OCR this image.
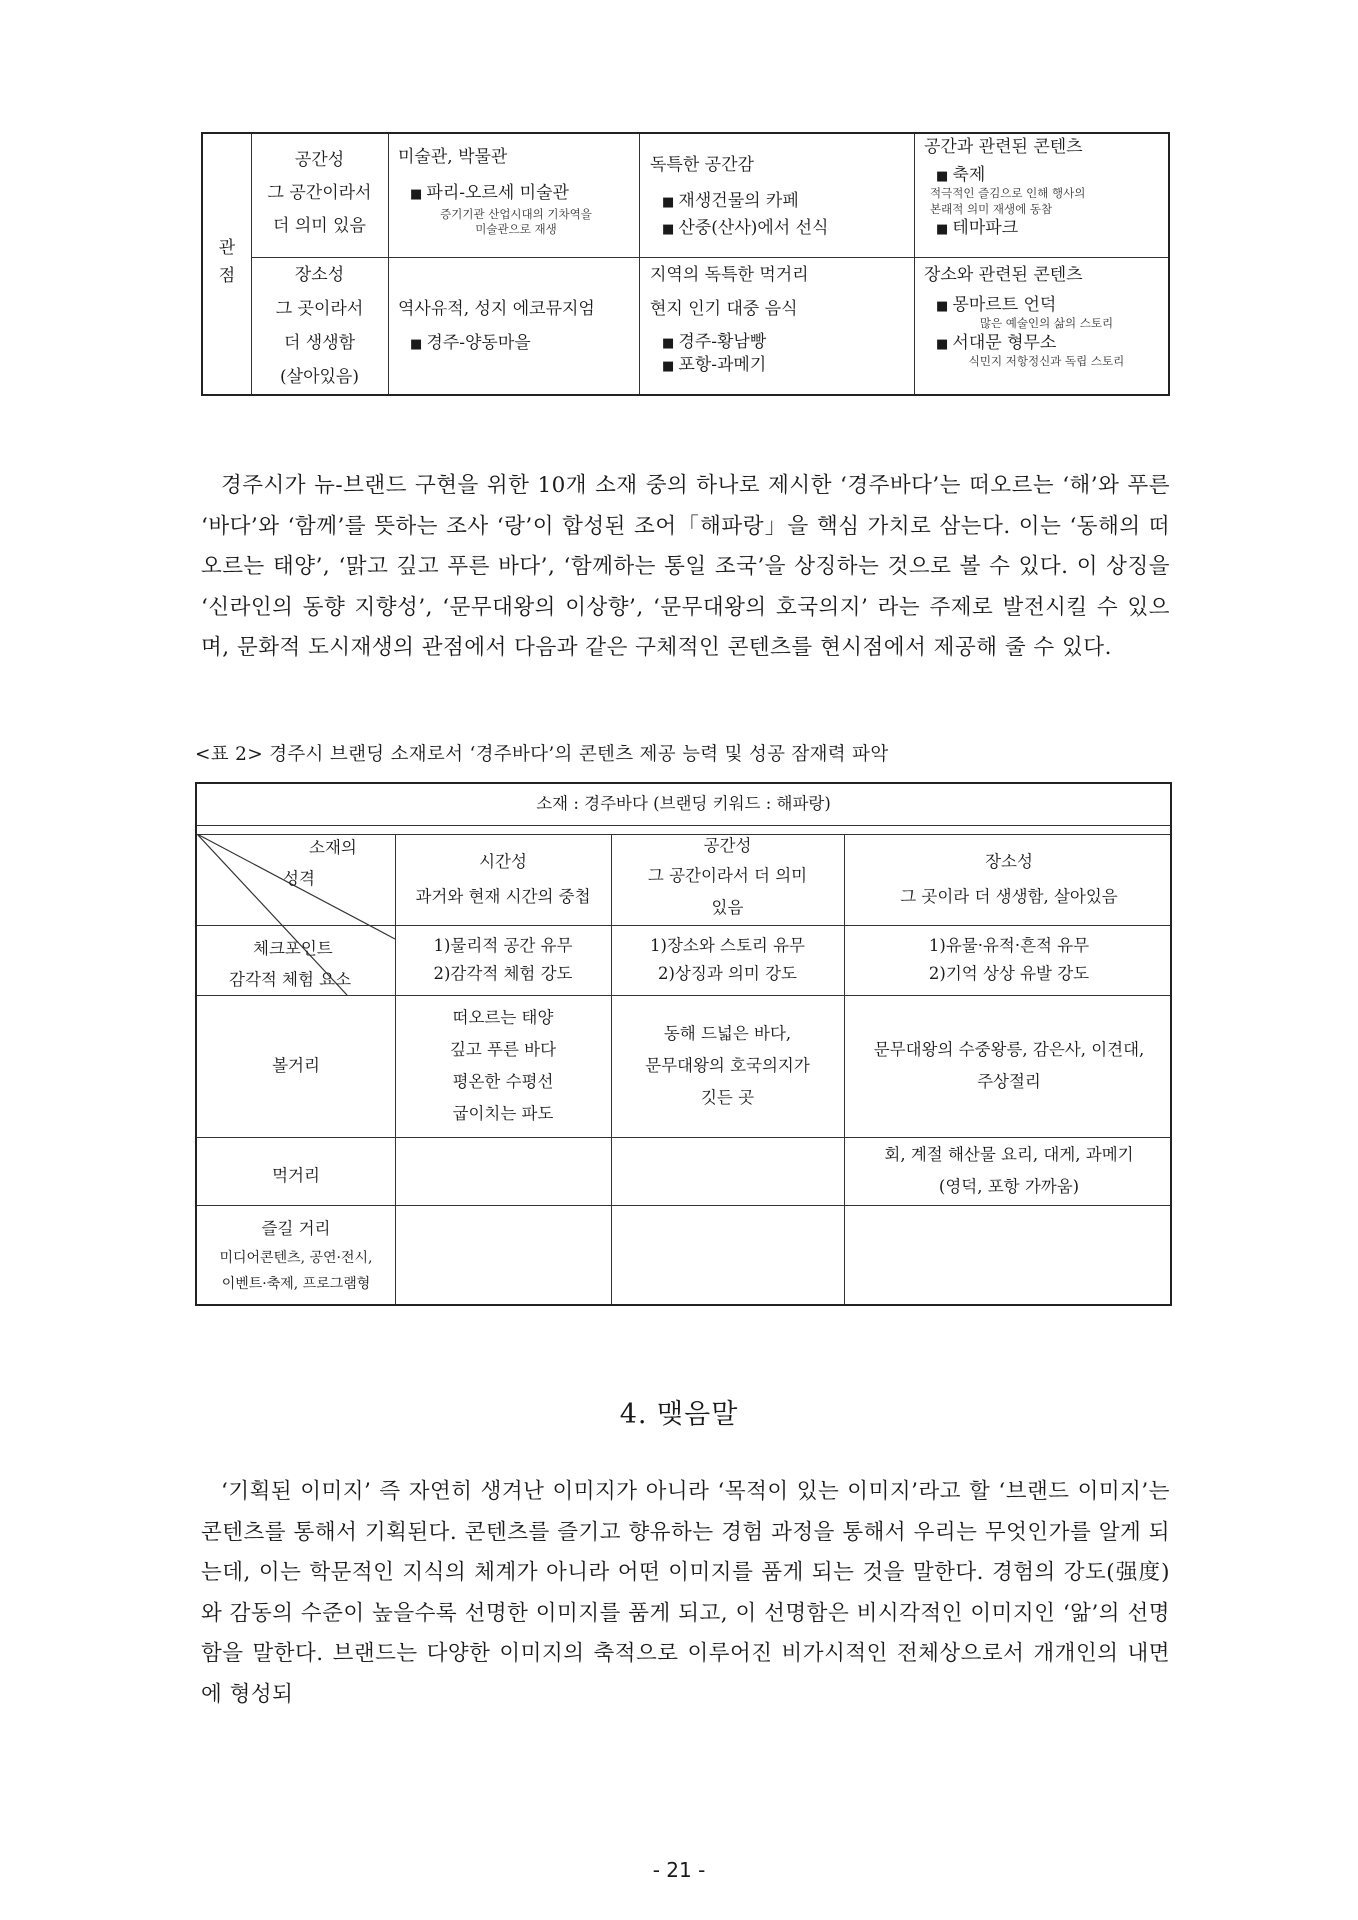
관
점
공간성
그 공간이라서
더 의미 있음
미술관, 박물관
■ 파리-오르세 미술관
증기기관 산업시대의 기차역을
미술관으로 재생
독특한 공간감
■ 재생건물의 카페
■ 산중(산사)에서 선식
공간과 관련된 콘텐츠
■ 축제
적극적인 즐김으로 인해 행사의
본래적 의미 재생에 동참
■ 테마파크
장소성
그 곳이라서
더 생생함
(살아있음)
역사유적, 성지 에코뮤지엄
■ 경주-양동마을
지역의 독특한 먹거리
현지 인기 대중 음식
■ 경주-황남빵
■ 포항-과메기
장소와 관련된 콘텐츠
■ 몽마르트 언덕
많은 예술인의 삶의 스토리
■ 서대문 형무소
식민지 저항정신과 독립 스토리
경주시가 뉴-브랜드 구현을 위한 10개 소재 중의 하나로 제시한 ‘경주바다’는 떠오르는 ‘해’와 푸른 ‘바다’와 ‘함께’를 뜻하는 조사 ‘랑’이 합성된 조어「해파랑」을 핵심 가치로 삼는다. 이는 ‘동해의 떠오르는 태양’, ‘맑고 깊고 푸른 바다’, ‘함께하는 통일 조국’을 상징하는 것으로 볼 수 있다. 이 상징을 ‘신라인의 동향 지향성’, ‘문무대왕의 이상향’, ‘문무대왕의 호국의지’ 라는 주제로 발전시킬 수 있으며, 문화적 도시재생의 관점에서 다음과 같은 구체적인 콘텐츠를 현시점에서 제공해 줄 수 있다.
<표 2> 경주시 브랜딩 소재로서 ‘경주바다’의 콘텐츠 제공 능력 및 성공 잠재력 파악
소재 : 경주바다 (브랜딩 키워드 : 해파랑)
소재의
성격
체크포인트
감각적 체험 요소
시간성
과거와 현재 시간의 중첩
공간성
그 공간이라서 더 의미 있음
장소성
그 곳이라 더 생생함, 살아있음
1)물리적 공간 유무
2)감각적 체험 강도
1)장소와 스토리 유무
2)상징과 의미 강도
1)유물·유적·흔적 유무
2)기억 상상 유발 강도
볼거리
떠오르는 태양
깊고 푸른 바다
평온한 수평선
굽이치는 파도
동해 드넓은 바다,
문무대왕의 호국의지가
깃든 곳
문무대왕의 수중왕릉, 감은사, 이견대,
주상절리
먹거리
회, 계절 해산물 요리, 대게, 과메기
(영덕, 포항 가까움)
즐길 거리
미디어콘텐츠, 공연·전시,
이벤트·축제, 프로그램형
4. 맺음말
‘기획된 이미지’ 즉 자연히 생겨난 이미지가 아니라 ‘목적이 있는 이미지’라고 할 ‘브랜드 이미지’는 콘텐츠를 통해서 기획된다. 콘텐츠를 즐기고 향유하는 경험 과정을 통해서 우리는 무엇인가를 알게 되는데, 이는 학문적인 지식의 체계가 아니라 어떤 이미지를 품게 되는 것을 말한다. 경험의 강도(强度)와 감동의 수준이 높을수록 선명한 이미지를 품게 되고, 이 선명함은 비시각적인 이미지인 ‘앎’의 선명함을 말한다. 브랜드는 다양한 이미지의 축적으로 이루어진 비가시적인 전체상으로서 개개인의 내면에 형성되
- 21 -
